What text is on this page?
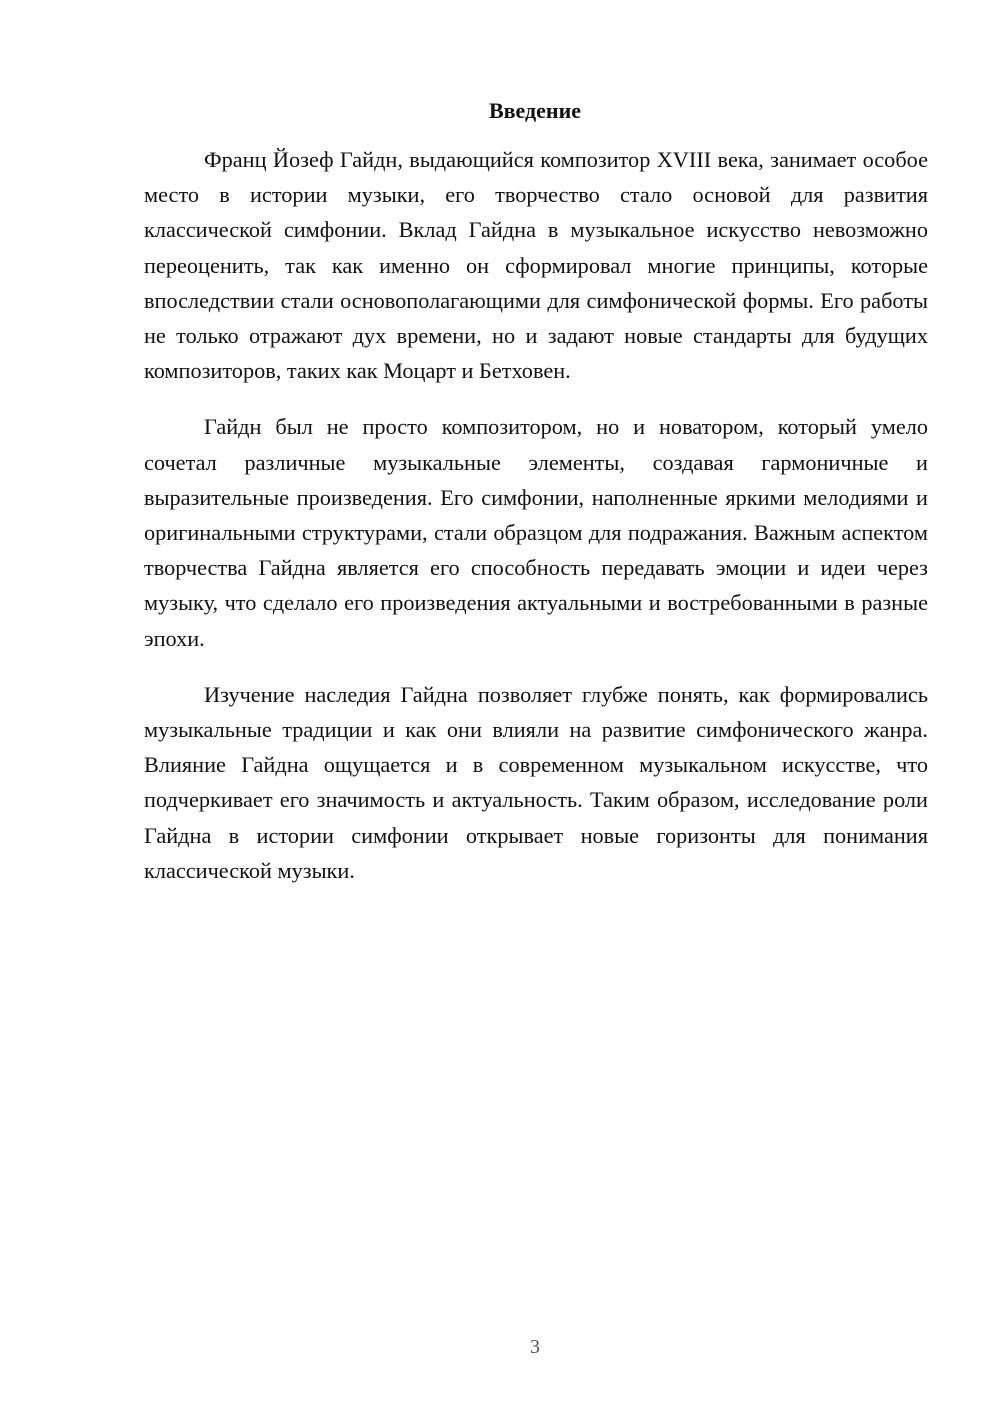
Введение

Франц Йозеф Гайдн, выдающийся композитор XVIII века, занимает особое место в истории музыки, его творчество стало основой для развития классической симфонии. Вклад Гайдна в музыкальное искусство невозможно переоценить, так как именно он сформировал многие принципы, которые впоследствии стали основополагающими для симфонической формы. Его работы не только отражают дух времени, но и задают новые стандарты для будущих композиторов, таких как Моцарт и Бетховен.

Гайдн был не просто композитором, но и новатором, который умело сочетал различные музыкальные элементы, создавая гармоничные и выразительные произведения. Его симфонии, наполненные яркими мелодиями и оригинальными структурами, стали образцом для подражания. Важным аспектом творчества Гайдна является его способность передавать эмоции и идеи через музыку, что сделало его произведения актуальными и востребованными в разные эпохи.

Изучение наследия Гайдна позволяет глубже понять, как формировались музыкальные традиции и как они влияли на развитие симфонического жанра. Влияние Гайдна ощущается и в современном музыкальном искусстве, что подчеркивает его значимость и актуальность. Таким образом, исследование роли Гайдна в истории симфонии открывает новые горизонты для понимания классической музыки.

3
